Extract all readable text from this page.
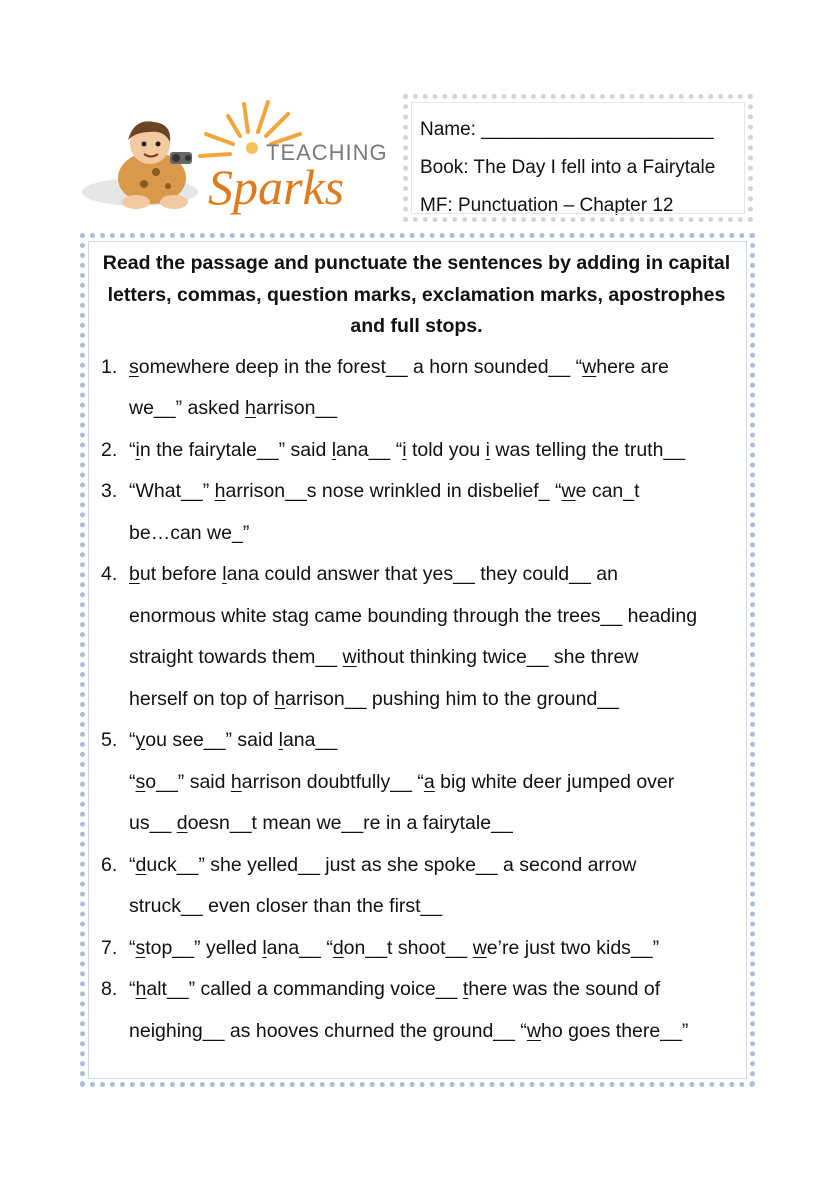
TEACHING
Sparks
Name: ______________________
Book: The Day I fell into a Fairytale
MF: Punctuation – Chapter 12

Read the passage and punctuate the sentences by adding in capital letters, commas, question marks, exclamation marks, apostrophes and full stops.

1. somewhere deep in the forest__ a horn sounded__ “where are
we__” asked harrison__
2. “in the fairytale__” said lana__ “i told you i was telling the truth__
3. “What__” harrison__s nose wrinkled in disbelief_ “we can_t
be…can we_”
4. but before lana could answer that yes__ they could__ an
enormous white stag came bounding through the trees__ heading
straight towards them__ without thinking twice__ she threw
herself on top of harrison__ pushing him to the ground__
5. “you see__” said lana__
“so__” said harrison doubtfully__ “a big white deer jumped over
us__ doesn__t mean we__re in a fairytale__
6. “duck__” she yelled__ just as she spoke__ a second arrow
struck__ even closer than the first__
7. “stop__” yelled lana__ “don__t shoot__ we’re just two kids__”
8. “halt__” called a commanding voice__ there was the sound of
neighing__ as hooves churned the ground__ “who goes there__”
